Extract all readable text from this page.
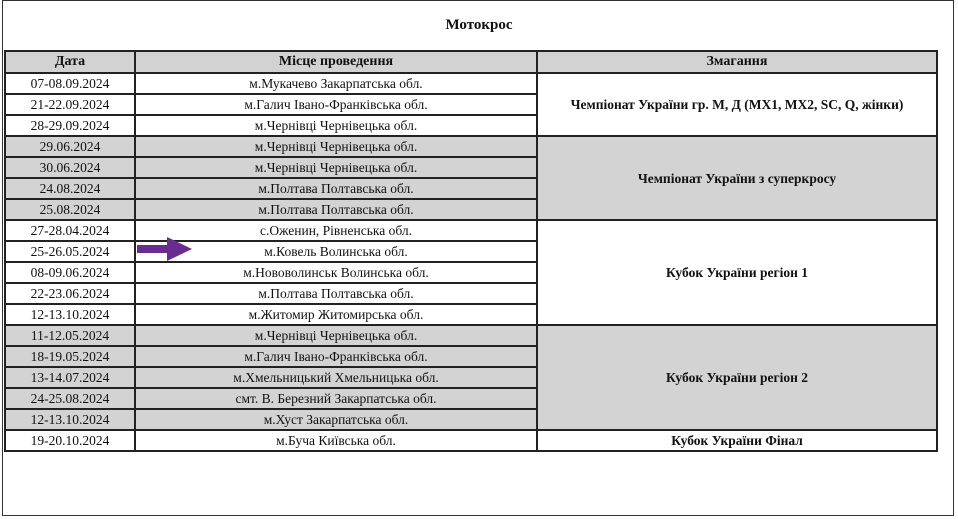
Мотокрос
Дата	Місце проведення	Змагання
07-08.09.2024	м.Мукачево Закарпатська обл.	Чемпіонат України гр. М, Д (МХ1, МХ2, SC, Q, жінки)
21-22.09.2024	м.Галич Івано-Франківська обл.	
28-29.09.2024	м.Чернівці Чернівецька обл.	
29.06.2024	м.Чернівці Чернівецька обл.	Чемпіонат України з суперкросу
30.06.2024	м.Чернівці Чернівецька обл.	
24.08.2024	м.Полтава Полтавська обл.	
25.08.2024	м.Полтава Полтавська обл.	
27-28.04.2024	с.Оженин, Рівненська обл.	Кубок України регіон 1
25-26.05.2024	м.Ковель Волинська обл.	
08-09.06.2024	м.Нововолинськ Волинська обл.	
22-23.06.2024	м.Полтава Полтавська обл.	
12-13.10.2024	м.Житомир Житомирська обл.	
11-12.05.2024	м.Чернівці Чернівецька обл.	Кубок України регіон 2
18-19.05.2024	м.Галич Івано-Франківська обл.	
13-14.07.2024	м.Хмельницький Хмельницька обл.	
24-25.08.2024	смт. В. Березний Закарпатська обл.	
12-13.10.2024	м.Хуст Закарпатська обл.	
19-20.10.2024	м.Буча Київська обл.	Кубок України Фінал
